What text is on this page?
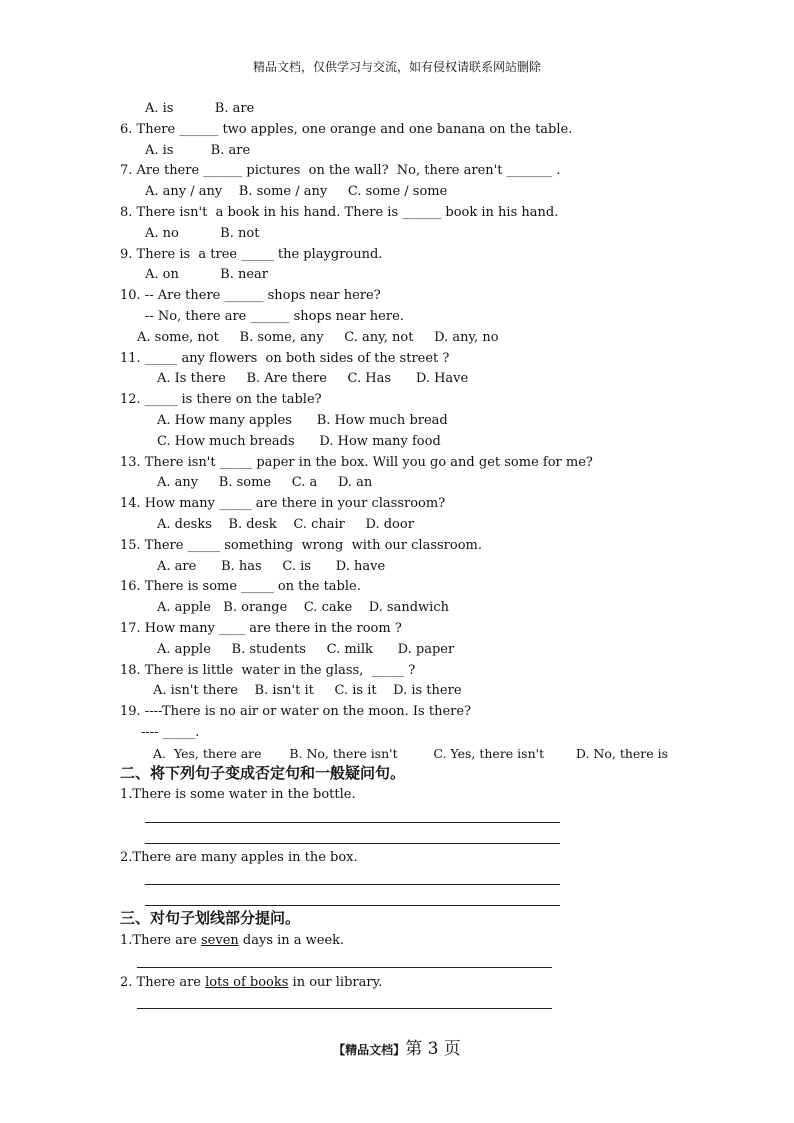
精品文档，仅供学习与交流，如有侵权请联系网站删除
A. is          B. are
6. There ______ two apples, one orange and one banana on the table.
A. is         B. are
7. Are there ______ pictures  on the wall?  No, there aren't _______ .
A. any / any    B. some / any     C. some / some
8. There isn't  a book in his hand. There is ______ book in his hand.
A. no          B. not
9. There is  a tree _____ the playground.
A. on          B. near
10. -- Are there ______ shops near here?
-- No, there are ______ shops near here.
A. some, not     B. some, any     C. any, not     D. any, no
11. _____ any flowers  on both sides of the street ?
A. Is there     B. Are there     C. Has      D. Have
12. _____ is there on the table?
A. How many apples      B. How much bread
C. How much breads      D. How many food
13. There isn't _____ paper in the box. Will you go and get some for me?
A. any     B. some     C. a     D. an
14. How many _____ are there in your classroom?
A. desks    B. desk    C. chair     D. door
15. There _____ something  wrong  with our classroom.
A. are      B. has     C. is      D. have
16. There is some _____ on the table.
A. apple   B. orange    C. cake    D. sandwich
17. How many ____ are there in the room ?
A. apple     B. students     C. milk      D. paper
18. There is little  water in the glass,  _____ ?
A. isn't there    B. isn't it     C. is it    D. is there
19. ----There is no air or water on the moon. Is there?
---- _____.
A.  Yes, there are       B. No, there isn't         C. Yes, there isn't        D. No, there is
二、将下列句子变成否定句和一般疑问句。
1.There is some water in the bottle.
2.There are many apples in the box.
三、对句子划线部分提问。
1.There are seven days in a week.
2. There are lots of books in our library.
【精品文档】第 3 页
